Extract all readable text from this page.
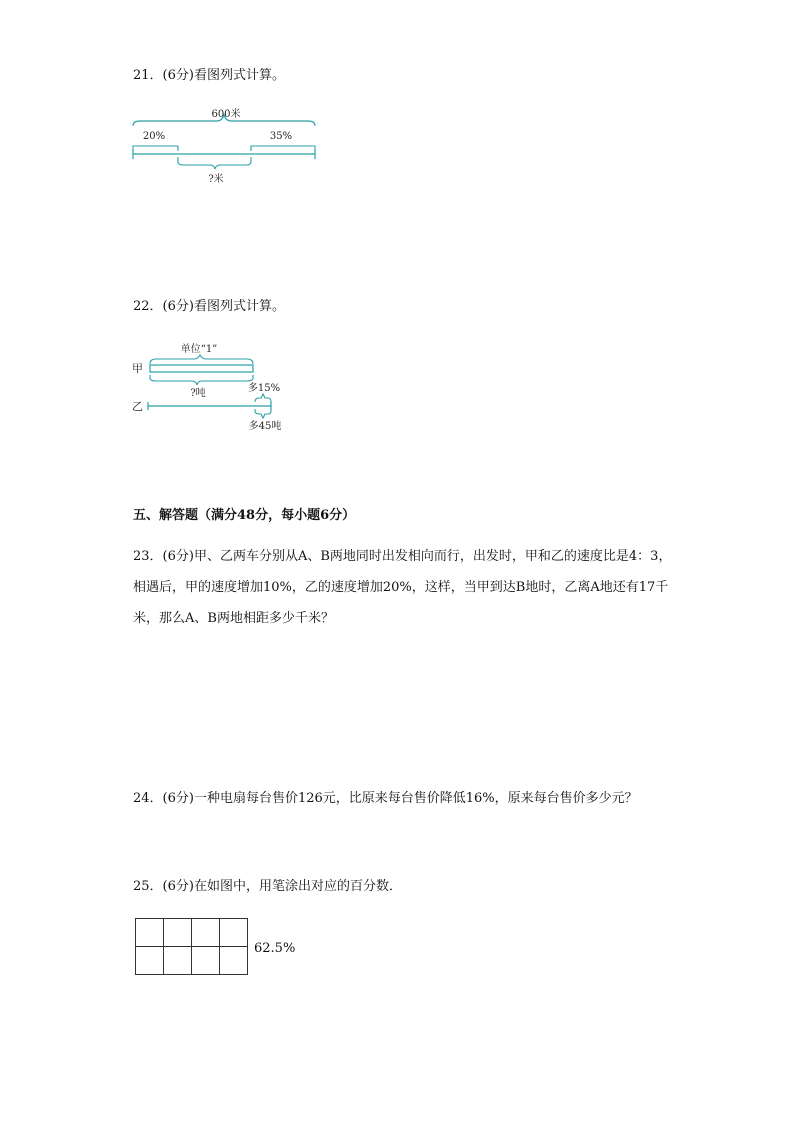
21．(6分)看图列式计算。
600米
20%	35%
?米
22．(6分)看图列式计算。
单位“1”
甲
?吨	多15%
乙
多45吨
五、解答题（满分48分，每小题6分）
23．(6分)甲、乙两车分别从A、B两地同时出发相向而行，出发时，甲和乙的速度比是4：3，相遇后，甲的速度增加10%，乙的速度增加20%，这样，当甲到达B地时，乙离A地还有17千米，那么A、B两地相距多少千米？
24．(6分)一种电扇每台售价126元，比原来每台售价降低16%，原来每台售价多少元？
25．(6分)在如图中，用笔涂出对应的百分数．
62.5%
